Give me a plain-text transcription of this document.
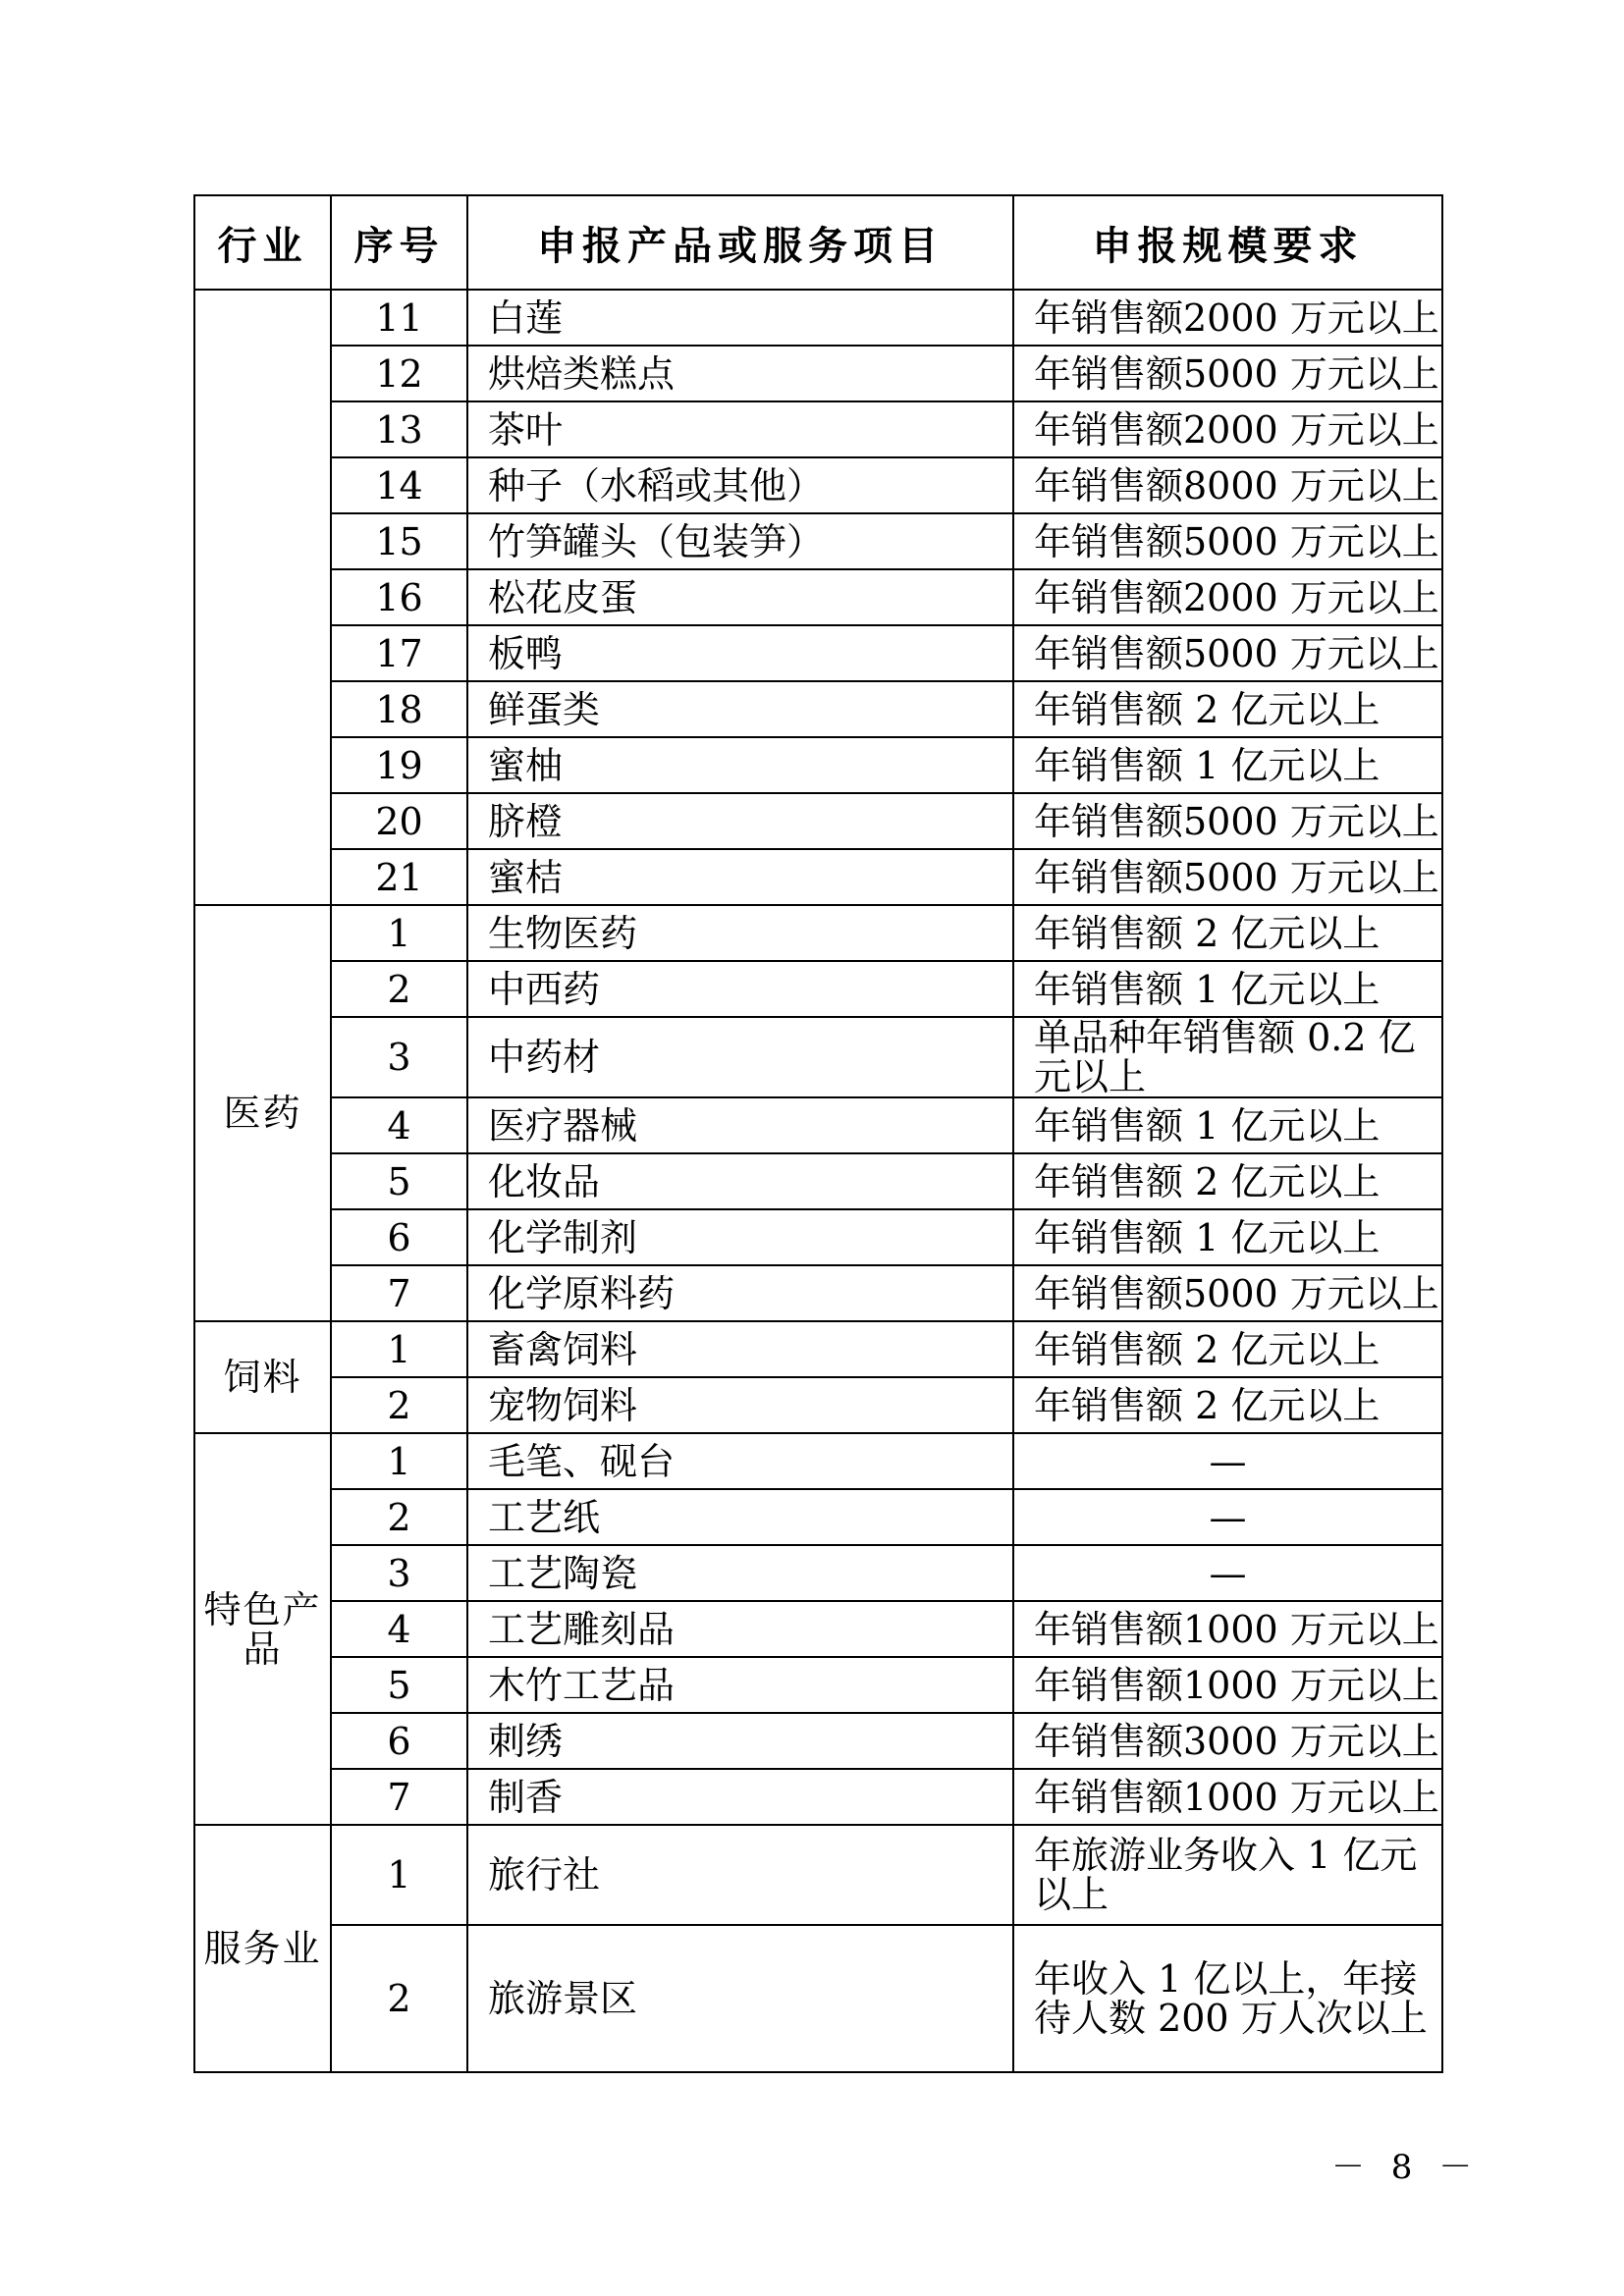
行业	序号	申报产品或服务项目	申报规模要求
	11	白莲	年销售额2000 万元以上
	12	烘焙类糕点	年销售额5000 万元以上
	13	茶叶	年销售额2000 万元以上
	14	种子（水稻或其他）	年销售额8000 万元以上
	15	竹笋罐头（包装笋）	年销售额5000 万元以上
	16	松花皮蛋	年销售额2000 万元以上
	17	板鸭	年销售额5000 万元以上
	18	鲜蛋类	年销售额 2 亿元以上
	19	蜜柚	年销售额 1 亿元以上
	20	脐橙	年销售额5000 万元以上
	21	蜜桔	年销售额5000 万元以上
医药	1	生物医药	年销售额 2 亿元以上
	2	中西药	年销售额 1 亿元以上
	3	中药材	单品种年销售额 0.2 亿元以上
	4	医疗器械	年销售额 1 亿元以上
	5	化妆品	年销售额 2 亿元以上
	6	化学制剂	年销售额 1 亿元以上
	7	化学原料药	年销售额5000 万元以上
饲料	1	畜禽饲料	年销售额 2 亿元以上
	2	宠物饲料	年销售额 2 亿元以上
特色产品	1	毛笔、砚台	—
	2	工艺纸	—
	3	工艺陶瓷	—
	4	工艺雕刻品	年销售额1000 万元以上
	5	木竹工艺品	年销售额1000 万元以上
	6	刺绣	年销售额3000 万元以上
	7	制香	年销售额1000 万元以上
服务业	1	旅行社	年旅游业务收入 1 亿元以上
	2	旅游景区	年收入 1 亿以上，年接待人数 200 万人次以上
－ 8 －
